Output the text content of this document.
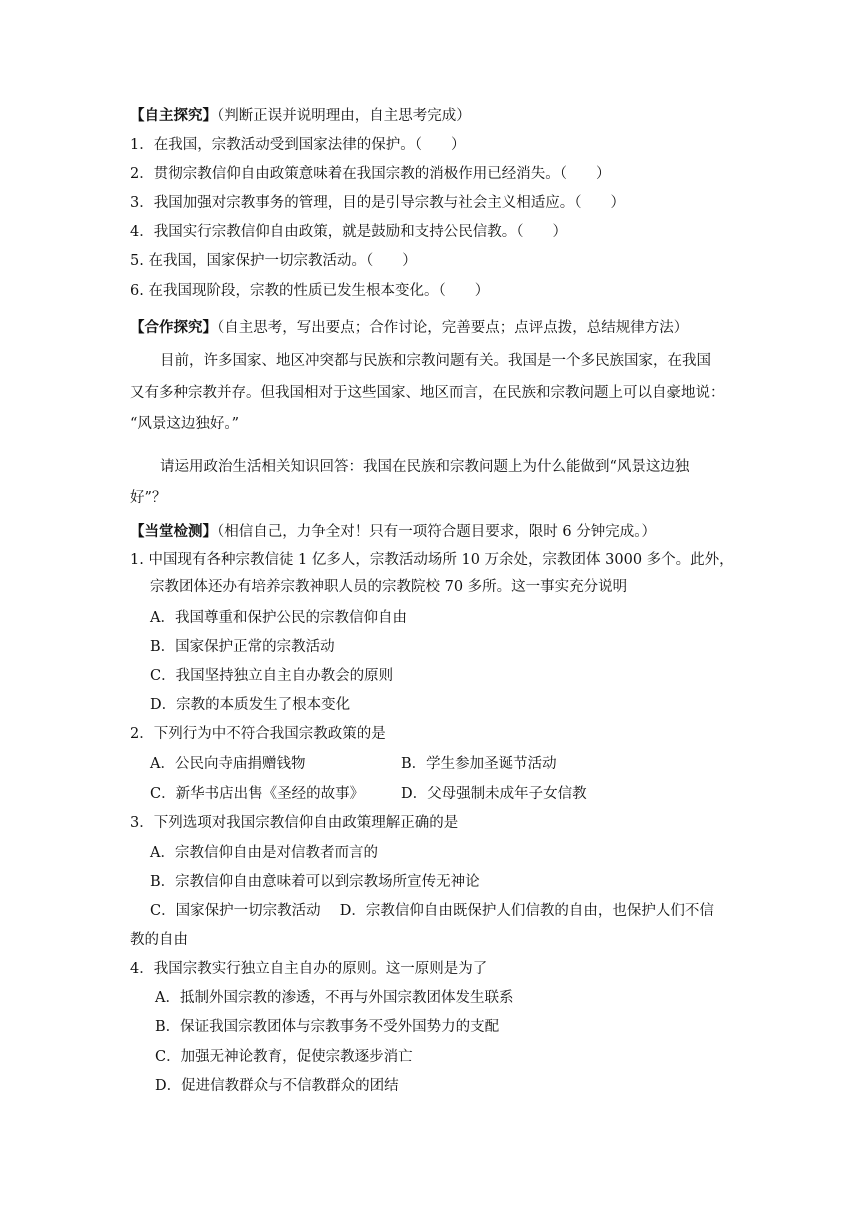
【自主探究】（判断正误并说明理由，自主思考完成）
1．在我国，宗教活动受到国家法律的保护。（　　）
2．贯彻宗教信仰自由政策意味着在我国宗教的消极作用已经消失。（　　）
3．我国加强对宗教事务的管理，目的是引导宗教与社会主义相适应。（　　）
4．我国实行宗教信仰自由政策，就是鼓励和支持公民信教。（　　）
5. 在我国，国家保护一切宗教活动。（　　）
6. 在我国现阶段，宗教的性质已发生根本变化。（　　）
【合作探究】（自主思考，写出要点；合作讨论，完善要点；点评点拨，总结规律方法）
目前，许多国家、地区冲突都与民族和宗教问题有关。我国是一个多民族国家，在我国
又有多种宗教并存。但我国相对于这些国家、地区而言，在民族和宗教问题上可以自豪地说：
“风景这边独好。”
请运用政治生活相关知识回答：我国在民族和宗教问题上为什么能做到“风景这边独
好”？
【当堂检测】（相信自己，力争全对！只有一项符合题目要求，限时 6 分钟完成。）
1. 中国现有各种宗教信徒 1 亿多人，宗教活动场所 10 万余处，宗教团体 3000 多个。此外，
宗教团体还办有培养宗教神职人员的宗教院校 70 多所。这一事实充分说明
A．我国尊重和保护公民的宗教信仰自由
B．国家保护正常的宗教活动
C．我国坚持独立自主自办教会的原则
D．宗教的本质发生了根本变化
2．下列行为中不符合我国宗教政策的是
A．公民向寺庙捐赠钱物	B．学生参加圣诞节活动
C．新华书店出售《圣经的故事》	D．父母强制未成年子女信教
3．下列选项对我国宗教信仰自由政策理解正确的是
A．宗教信仰自由是对信教者而言的
B．宗教信仰自由意味着可以到宗教场所宣传无神论
C．国家保护一切宗教活动　 D．宗教信仰自由既保护人们信教的自由，也保护人们不信
教的自由
4．我国宗教实行独立自主自办的原则。这一原则是为了
A．抵制外国宗教的渗透，不再与外国宗教团体发生联系
B．保证我国宗教团体与宗教事务不受外国势力的支配
C．加强无神论教育，促使宗教逐步消亡
D．促进信教群众与不信教群众的团结
